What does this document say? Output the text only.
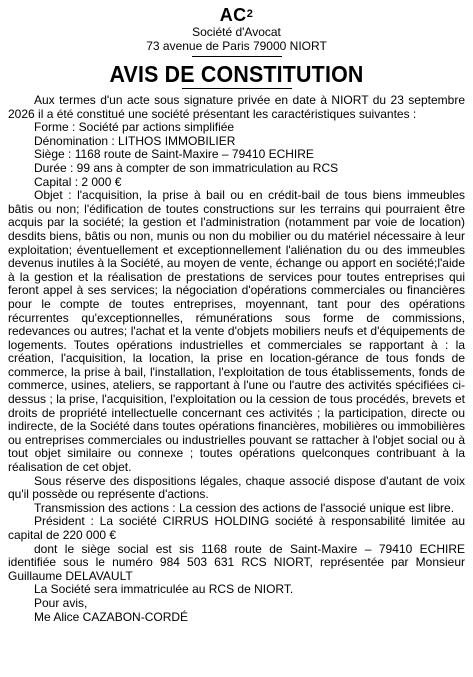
$AC^2$
Société d'Avocat
73 avenue de Paris 79000 NIORT
AVIS DE CONSTITUTION

Aux termes d'un acte sous signature privée en date à NIORT du 23 septembre 2026 il a été constitué une société présentant les caractéristiques suivantes :

Forme : Société par actions simplifiée

Dénomination : LITHOS IMMOBILIER

Siège : 1168 route de Saint-Maxire – 79410 ECHIRE

Durée : 99 ans à compter de son immatriculation au RCS

Capital : 2 000 €

Objet : l'acquisition, la prise à bail ou en crédit-bail de tous biens immeubles bâtis ou non; l'édification de toutes constructions sur les terrains qui pourraient être acquis par la société; la gestion et l'administration (notamment par voie de location) desdits biens, bâtis ou non, munis ou non du mobilier ou du matériel nécessaire à leur exploitation; éventuellement et exceptionnellement l'aliénation du ou des immeubles devenus inutiles à la Société, au moyen de vente, échange ou apport en société;l'aide à la gestion et la réalisation de prestations de services pour toutes entreprises qui feront appel à ses services; la négociation d'opérations commerciales ou financières pour le compte de toutes entreprises, moyennant, tant pour des opérations récurrentes qu'exceptionnelles, rémunérations sous forme de commissions, redevances ou autres; l'achat et la vente d'objets mobiliers neufs et d'équipements de logements. Toutes opérations industrielles et commerciales se rapportant à : la création, l'acquisition, la location, la prise en location-gérance de tous fonds de commerce, la prise à bail, l'installation, l'exploitation de tous établissements, fonds de commerce, usines, ateliers, se rapportant à l'une ou l'autre des activités spécifiées ci-dessus ; la prise, l'acquisition, l'exploitation ou la cession de tous procédés, brevets et droits de propriété intellectuelle concernant ces activités ; la participation, directe ou indirecte, de la Société dans toutes opérations financières, mobilières ou immobilières ou entreprises commerciales ou industrielles pouvant se rattacher à l'objet social ou à tout objet similaire ou connexe ; toutes opérations quelconques contribuant à la réalisation de cet objet.

Sous réserve des dispositions légales, chaque associé dispose d'autant de voix qu'il possède ou représente d'actions.

Transmission des actions : La cession des actions de l'associé unique est libre.

Président : La société CIRRUS HOLDING société à responsabilité limitée au capital de 220 000 €

dont le siège social est sis 1168 route de Saint-Maxire – 79410 ECHIRE identifiée sous le numéro 984 503 631 RCS NIORT, représentée par Monsieur Guillaume DELAVAULT

La Société sera immatriculée au RCS de NIORT.

Pour avis,

Me Alice CAZABON-CORDÉ
